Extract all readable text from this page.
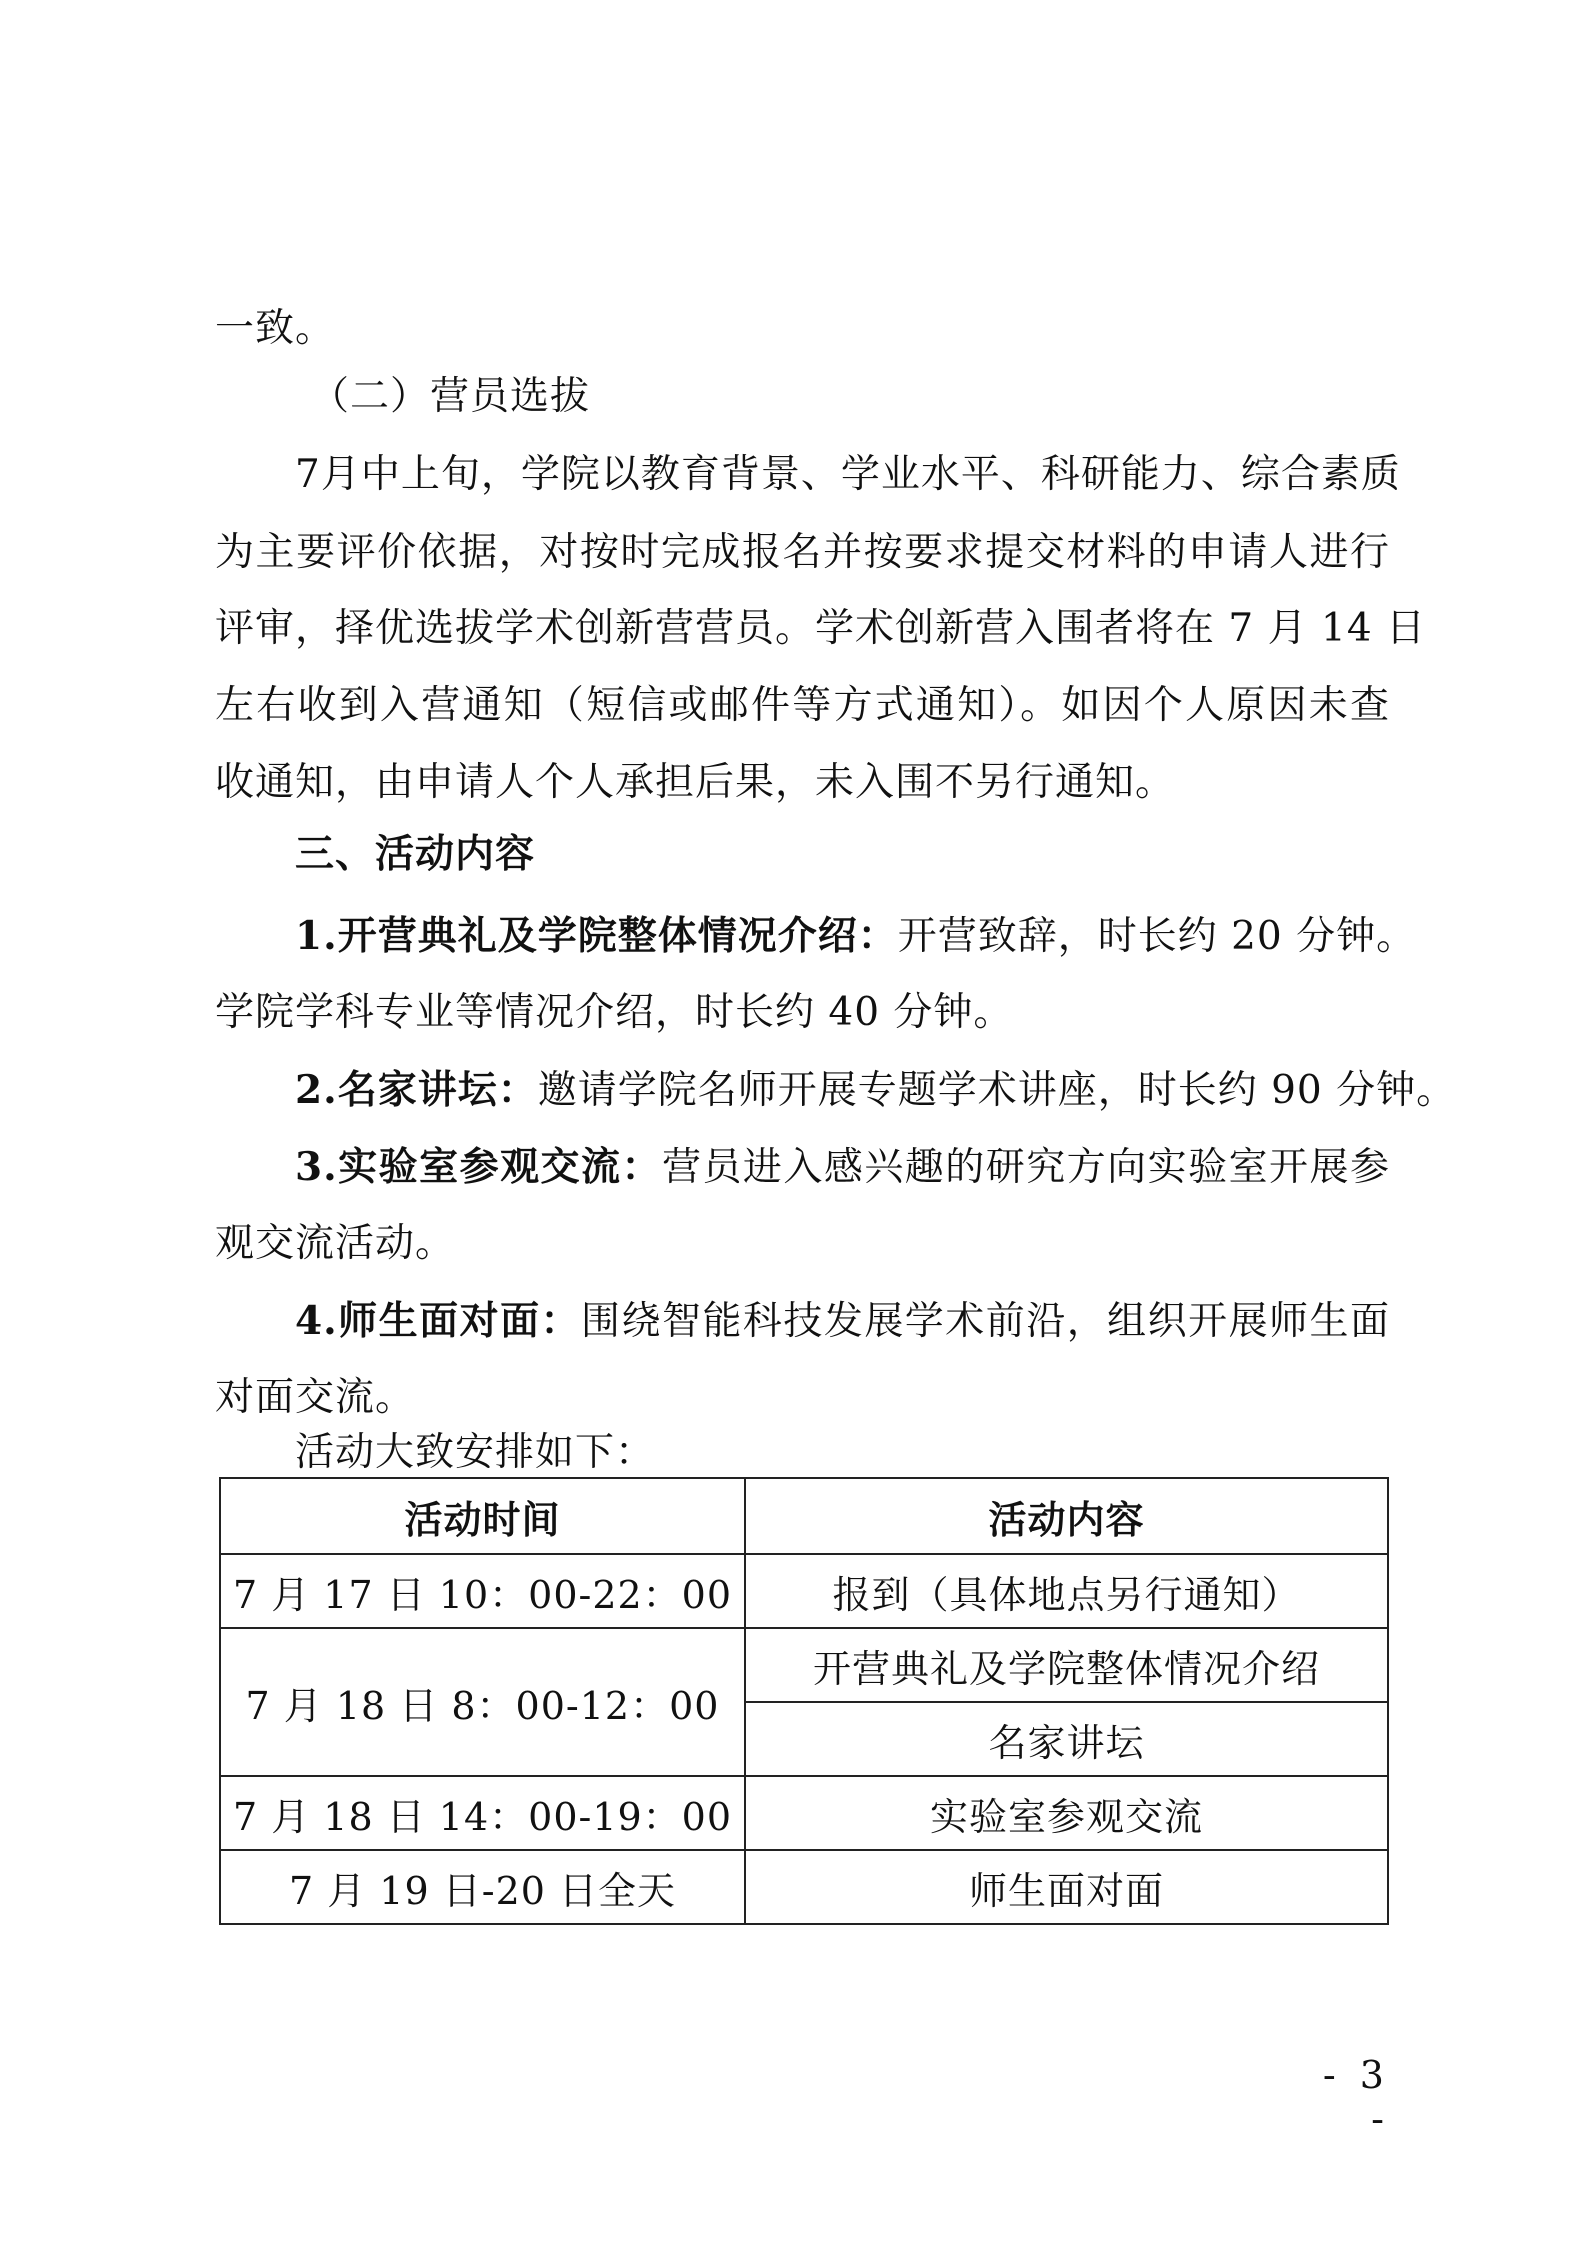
一致。
（二）营员选拔
7月中上旬，学院以教育背景、学业水平、科研能力、综合素质
为主要评价依据，对按时完成报名并按要求提交材料的申请人进行
评审，择优选拔学术创新营营员。学术创新营入围者将在 7 月 14 日
左右收到入营通知（短信或邮件等方式通知）。如因个人原因未查
收通知，由申请人个人承担后果，未入围不另行通知。
三、活动内容
1.开营典礼及学院整体情况介绍：开营致辞，时长约 20 分钟。
学院学科专业等情况介绍，时长约 40 分钟。
2.名家讲坛：邀请学院名师开展专题学术讲座，时长约 90 分钟。
3.实验室参观交流：营员进入感兴趣的研究方向实验室开展参
观交流活动。
4.师生面对面：围绕智能科技发展学术前沿，组织开展师生面
对面交流。
活动大致安排如下：
活动时间	活动内容
7 月 17 日 10：00-22：00	报到（具体地点另行通知）
7 月 18 日 8：00-12：00	开营典礼及学院整体情况介绍
	名家讲坛
7 月 18 日 14：00-19：00	实验室参观交流
7 月 19 日-20 日全天	师生面对面
- 3 -
